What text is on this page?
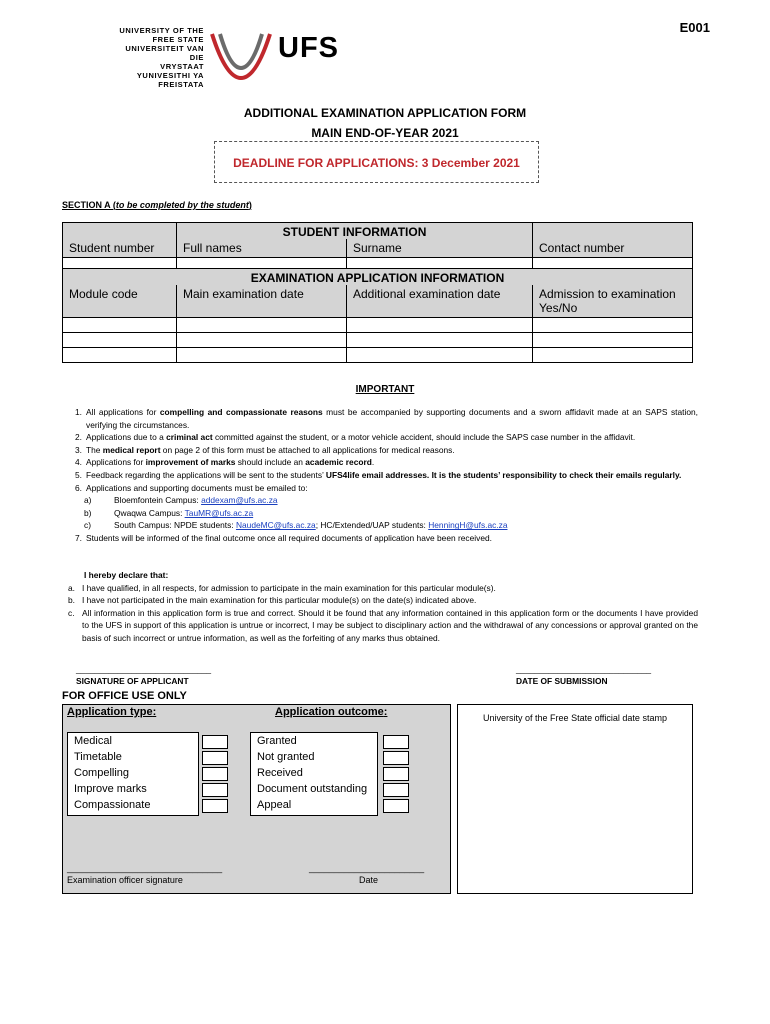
E001
UNIVERSITY OF THE
FREE STATE
UNIVERSITEIT VAN DIE
VRYSTAAT
YUNIVESITHI YA
FREISTATA
UFS
ADDITIONAL EXAMINATION APPLICATION FORM
MAIN END-OF-YEAR 2021
DEADLINE FOR APPLICATIONS: 3 December 2021
SECTION A (to be completed by the student)
	STUDENT INFORMATION		
Student number	Full names	Surname	Contact number

EXAMINATION APPLICATION INFORMATION			
Module code	Main examination date	Additional examination date	Admission to examination Yes/No

IMPORTANT
1. All applications for compelling and compassionate reasons must be accompanied by supporting documents and a sworn affidavit made at an SAPS station, verifying the circumstances.
2. Applications due to a criminal act committed against the student, or a motor vehicle accident, should include the SAPS case number in the affidavit.
3. The medical report on page 2 of this form must be attached to all applications for medical reasons.
4. Applications for improvement of marks should include an academic record.
5. Feedback regarding the applications will be sent to the students’ UFS4life email addresses. It is the students’ responsibility to check their emails regularly.
6. Applications and supporting documents must be emailed to:
a)	Bloemfontein Campus: addexam@ufs.ac.za
b)	Qwaqwa Campus: TauMR@ufs.ac.za
c)	South Campus: NPDE students: NaudeMC@ufs.ac.za; HC/Extended/UAP students: HenningH@ufs.ac.za
7. Students will be informed of the final outcome once all required documents of application have been received.
I hereby declare that:
a. I have qualified, in all respects, for admission to participate in the main examination for this particular module(s).
b. I have not participated in the main examination for this particular module(s) on the date(s) indicated above.
c. All information in this application form is true and correct. Should it be found that any information contained in this application form or the documents I have provided to the UFS in support of this application is untrue or incorrect, I may be subject to disciplinary action and the withdrawal of any concessions or approval granted on the basis of such incorrect or untrue information, as well as the forfeiting of any marks thus obtained.
_____________________________
SIGNATURE OF APPLICANT
_____________________________
DATE OF SUBMISSION
FOR OFFICE USE ONLY
Application type:	Application outcome:
Medical
Timetable
Compelling
Improve marks
Compassionate
Granted
Not granted
Received
Document outstanding
Appeal
_______________________________
Examination officer signature
_______________________
Date
University of the Free State official date stamp
